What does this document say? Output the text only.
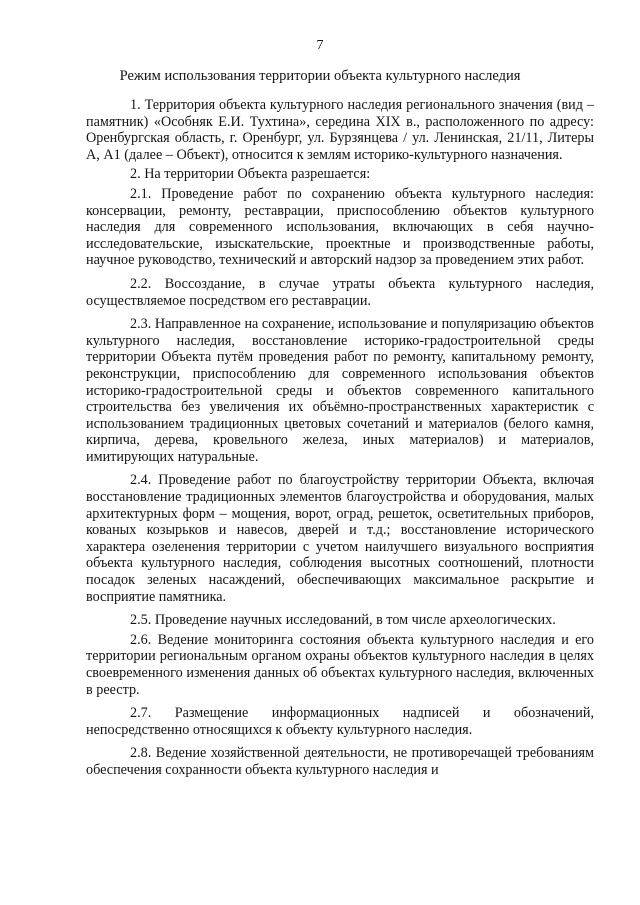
7
Режим использования территории объекта культурного наследия

1. Территория объекта культурного наследия регионального значения (вид – памятник) «Особняк Е.И. Тухтина», середина XIX в., расположенного по адресу: Оренбургская область, г. Оренбург, ул. Бурзянцева / ул. Ленинская, 21/11, Литеры А, А1 (далее – Объект), относится к землям историко-культурного назначения.

2. На территории Объекта разрешается:

2.1. Проведение работ по сохранению объекта культурного наследия: консервации, ремонту, реставрации, приспособлению объектов культурного наследия для современного использования, включающих в себя научно-исследовательские, изыскательские, проектные и производственные работы, научное руководство, технический и авторский надзор за проведением этих работ.

2.2. Воссоздание, в случае утраты объекта культурного наследия, осуществляемое посредством его реставрации.

2.3. Направленное на сохранение, использование и популяризацию объектов культурного наследия, восстановление историко-градостроительной среды территории Объекта путём проведения работ по ремонту, капитальному ремонту, реконструкции, приспособлению для современного использования объектов историко-градостроительной среды и объектов современного капитального строительства без увеличения их объёмно-пространственных характеристик с использованием традиционных цветовых сочетаний и материалов (белого камня, кирпича, дерева, кровельного железа, иных материалов) и материалов, имитирующих натуральные.

2.4. Проведение работ по благоустройству территории Объекта, включая восстановление традиционных элементов благоустройства и оборудования, малых архитектурных форм – мощения, ворот, оград, решеток, осветительных приборов, кованых козырьков и навесов, дверей и т.д.; восстановление исторического характера озеленения территории с учетом наилучшего визуального восприятия объекта культурного наследия, соблюдения высотных соотношений, плотности посадок зеленых насаждений, обеспечивающих максимальное раскрытие и восприятие памятника.

2.5. Проведение научных исследований, в том числе археологических.

2.6. Ведение мониторинга состояния объекта культурного наследия и его территории региональным органом охраны объектов культурного наследия в целях своевременного изменения данных об объектах культурного наследия, включенных в реестр.

2.7. Размещение информационных надписей и обозначений, непосредственно относящихся к объекту культурного наследия.

2.8. Ведение хозяйственной деятельности, не противоречащей требованиям обеспечения сохранности объекта культурного наследия и
